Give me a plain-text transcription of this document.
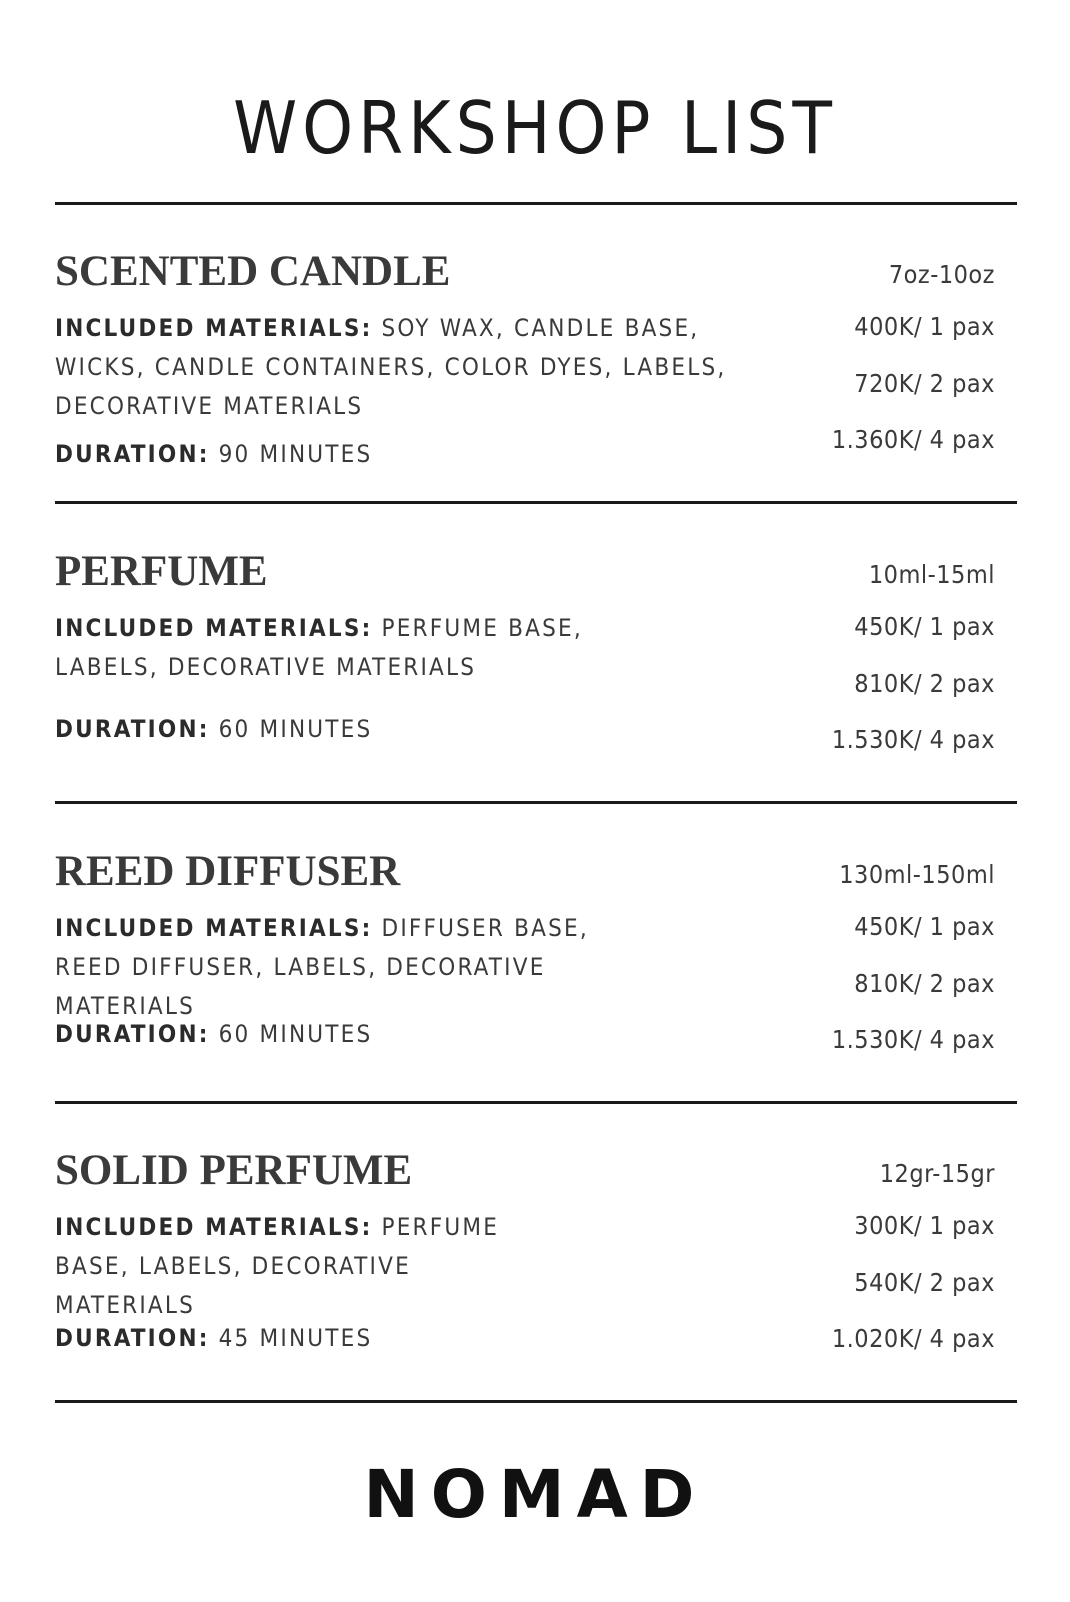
WORKSHOP LIST
SCENTED CANDLE

INCLUDED MATERIALS: SOY WAX, CANDLE BASE, WICKS, CANDLE CONTAINERS, COLOR DYES, LABELS, DECORATIVE MATERIALS

DURATION: 90 MINUTES

7oz-10oz
400K/ 1 pax
720K/ 2 pax
1.360K/ 4 pax
PERFUME

INCLUDED MATERIALS: PERFUME BASE, LABELS, DECORATIVE MATERIALS

DURATION: 60 MINUTES

10ml-15ml
450K/ 1 pax
810K/ 2 pax
1.530K/ 4 pax
REED DIFFUSER

INCLUDED MATERIALS: DIFFUSER BASE, REED DIFFUSER, LABELS, DECORATIVE MATERIALS

DURATION: 60 MINUTES

130ml-150ml
450K/ 1 pax
810K/ 2 pax
1.530K/ 4 pax
SOLID PERFUME

INCLUDED MATERIALS: PERFUME BASE, LABELS, DECORATIVE MATERIALS

DURATION: 45 MINUTES

12gr-15gr
300K/ 1 pax
540K/ 2 pax
1.020K/ 4 pax
NOMAD
